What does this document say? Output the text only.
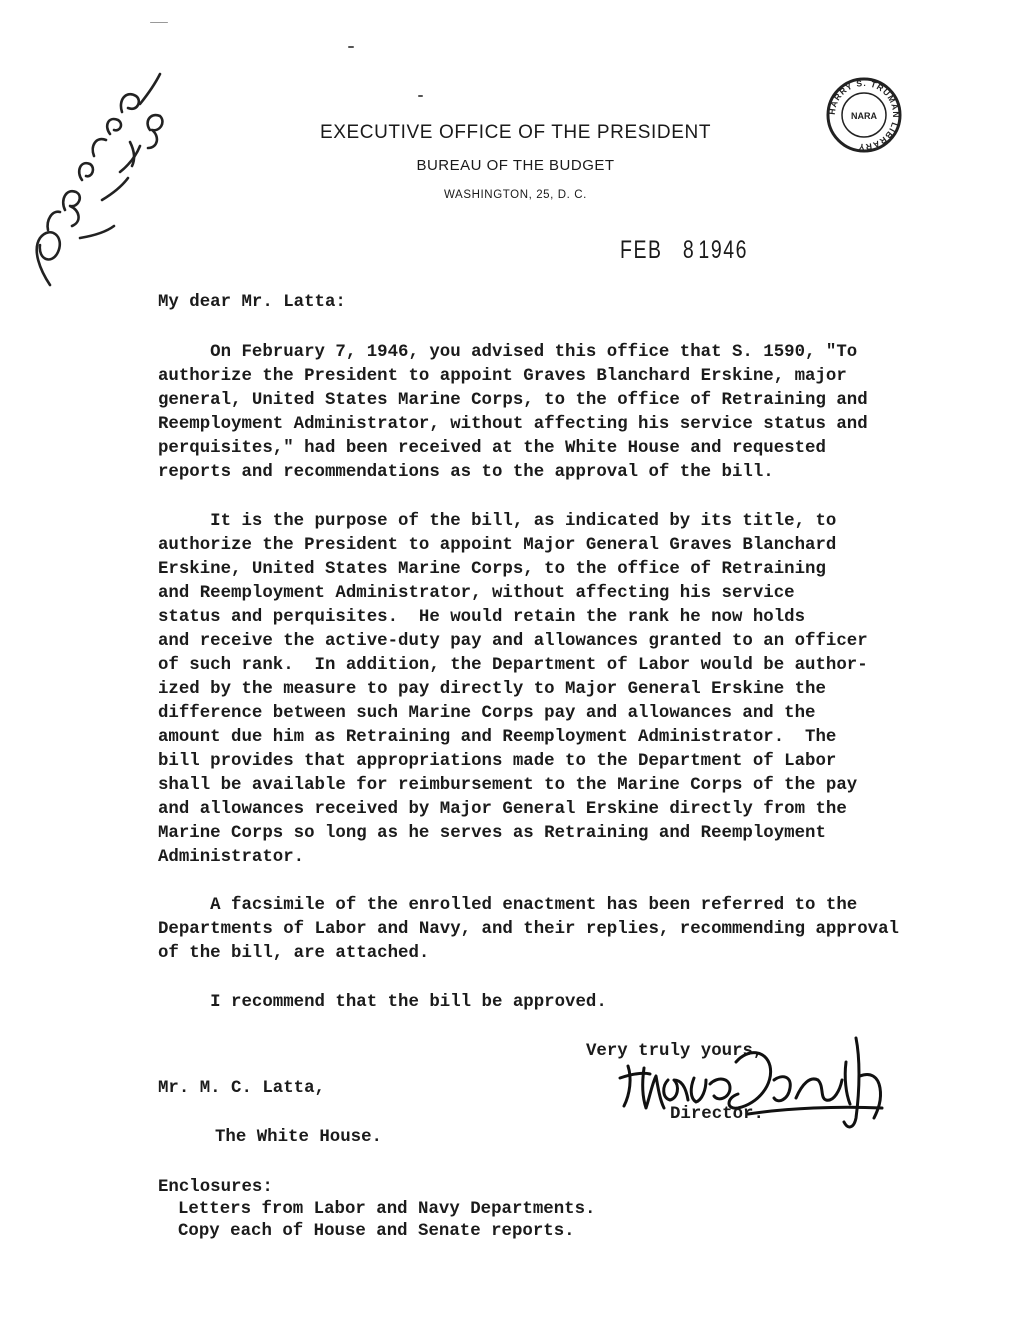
EXECUTIVE OFFICE OF THE PRESIDENT
BUREAU OF THE BUDGET
WASHINGTON, 25, D. C.
HARRY S. TRUMAN LIBRARY
NARA
FEB 8 1946
My dear Mr. Latta:
On February 7, 1946, you advised this office that S. 1590, "To
authorize the President to appoint Graves Blanchard Erskine, major
general, United States Marine Corps, to the office of Retraining and
Reemployment Administrator, without affecting his service status and
perquisites," had been received at the White House and requested
reports and recommendations as to the approval of the bill.
It is the purpose of the bill, as indicated by its title, to
authorize the President to appoint Major General Graves Blanchard
Erskine, United States Marine Corps, to the office of Retraining
and Reemployment Administrator, without affecting his service
status and perquisites.  He would retain the rank he now holds
and receive the active-duty pay and allowances granted to an officer
of such rank.  In addition, the Department of Labor would be author-
ized by the measure to pay directly to Major General Erskine the
difference between such Marine Corps pay and allowances and the
amount due him as Retraining and Reemployment Administrator.  The
bill provides that appropriations made to the Department of Labor
shall be available for reimbursement to the Marine Corps of the pay
and allowances received by Major General Erskine directly from the
Marine Corps so long as he serves as Retraining and Reemployment
Administrator.
A facsimile of the enrolled enactment has been referred to the
Departments of Labor and Navy, and their replies, recommending approval
of the bill, are attached.
I recommend that the bill be approved.
Very truly yours,
Director.
Mr. M. C. Latta,
The White House.
Enclosures:
Letters from Labor and Navy Departments.
Copy each of House and Senate reports.
